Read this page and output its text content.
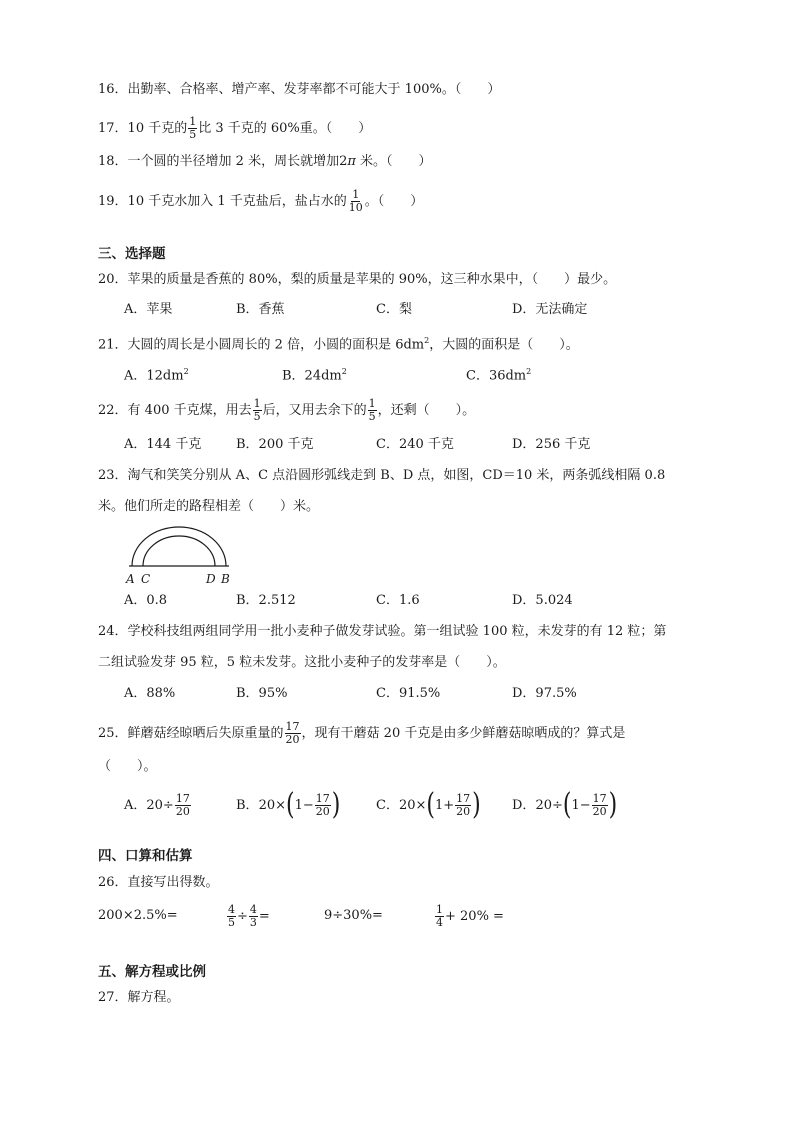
16．出勤率、合格率、增产率、发芽率都不可能大于 100%。（　　）
17．10 千克的 $\frac{1}{5}$ 比 3 千克的 60%重。（　　）
18．一个圆的半径增加 2 米，周长就增加2π 米。（　　）
19．10 千克水加入 1 千克盐后，盐占水的 $\frac{1}{10}$ 。（　　）
三、选择题
20．苹果的质量是香蕉的 80%，梨的质量是苹果的 90%，这三种水果中，（　　）最少。
A．苹果	B．香蕉	C．梨	D．无法确定
21．大圆的周长是小圆周长的 2 倍，小圆的面积是 $6dm^2$，大圆的面积是（　　）。
A．$12dm^2$	B．$24dm^2$	C．$36dm^2$
22．有 400 千克煤，用去 $\frac{1}{5}$ 后，又用去余下的 $\frac{1}{5}$ ，还剩（　　）。
A．144 千克	B．200 千克	C．240 千克	D．256 千克
23．淘气和笑笑分别从 A、C 点沿圆形弧线走到 B、D 点，如图，CD＝10 米，两条弧线相隔 0.8
米。他们所走的路程相差（　　）米。
A C	D B
A．0.8	B．2.512	C．1.6	D．5.024
24．学校科技组两组同学用一批小麦种子做发芽试验。第一组试验 100 粒，未发芽的有 12 粒；第
二组试验发芽 95 粒，5 粒未发芽。这批小麦种子的发芽率是（　　）。
A．88%	B．95%	C．91.5%	D．97.5%
25．鲜蘑菇经晾晒后失原重量的 $\frac{17}{20}$ ，现有干蘑菇 20 千克是由多少鲜蘑菇晾晒成的？算式是
（　　）。
A．$20\div \frac{17}{20}$	B．$20\times(1- \frac{17}{20}$ )	C．$20\times(1+ \frac{17}{20}$ ) D．$20\div(1- \frac{17}{20}$ )
四、口算和估算
26．直接写出得数。
200×2.5%=	$\frac{4}{5} \div \frac{4}{3}$ =	9÷30%=	$\frac{1}{4} + 20\%$ =
五、解方程或比例
27．解方程。
